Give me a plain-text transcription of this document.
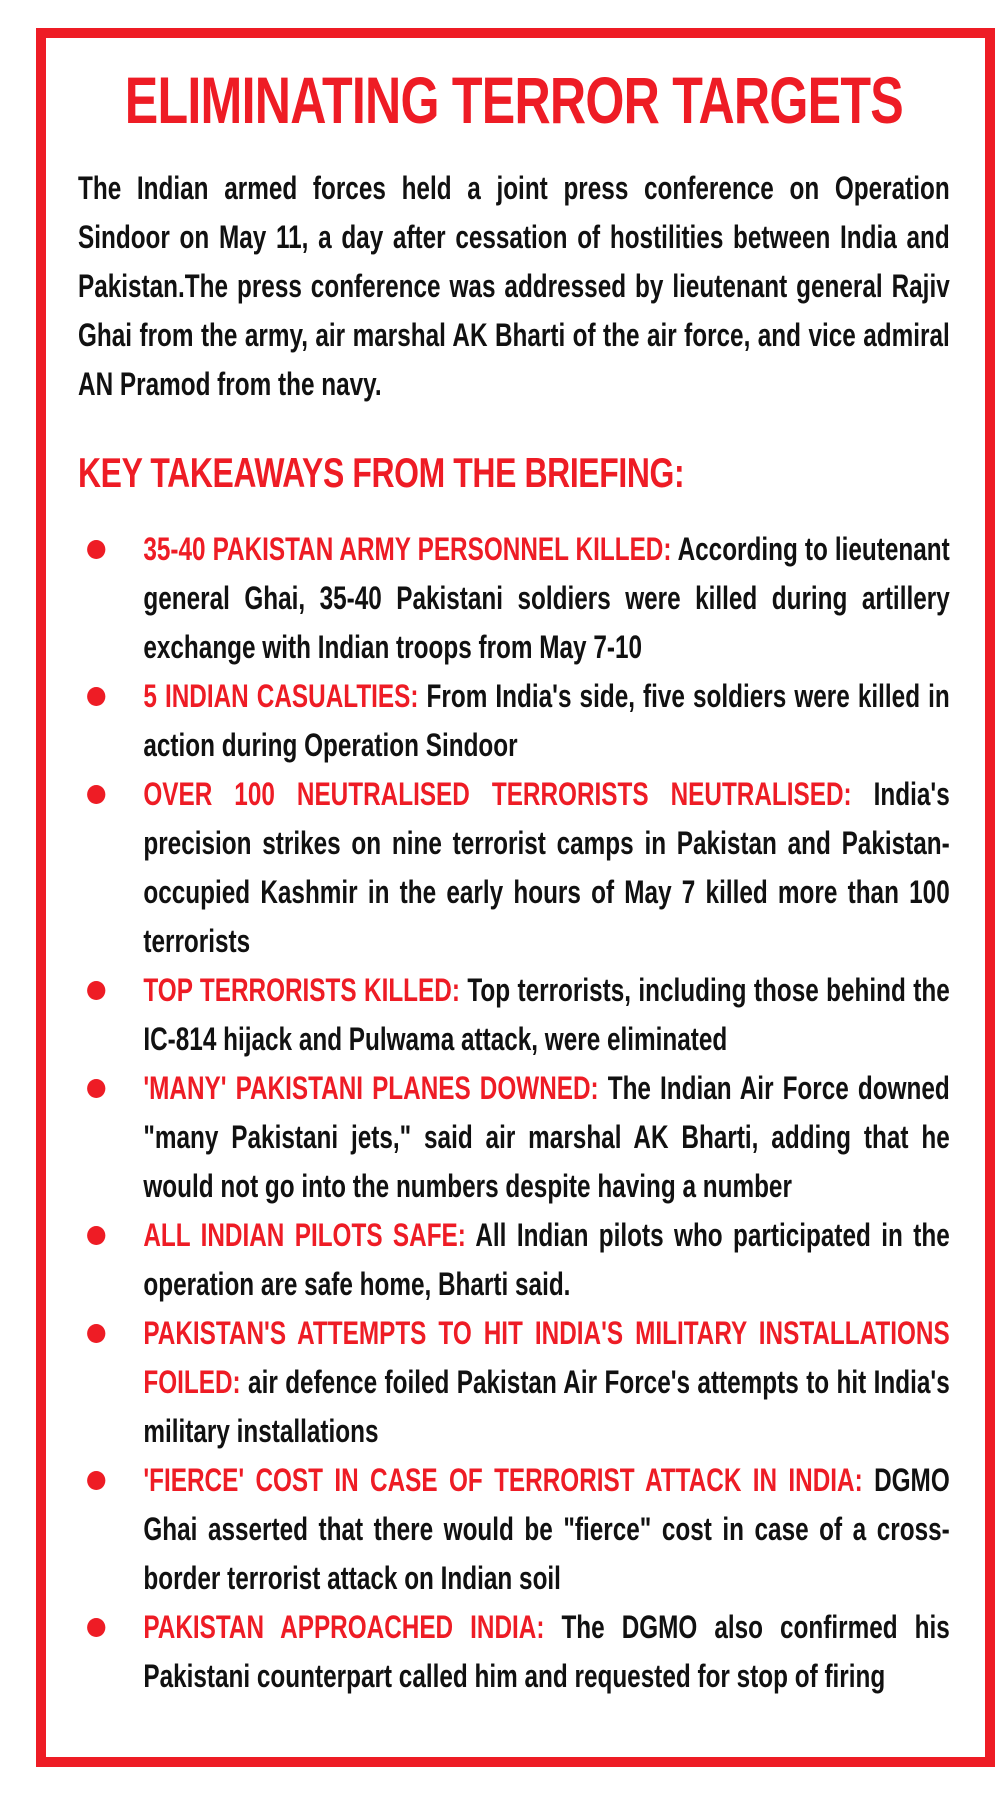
ELIMINATING TERROR TARGETS

The Indian armed forces held a joint press conference on Operation Sindoor on May 11, a day after cessation of hostilities between India and Pakistan.The press conference was addressed by lieutenant general Rajiv Ghai from the army, air marshal AK Bharti of the air force, and vice admiral AN Pramod from the navy.

KEY TAKEAWAYS FROM THE BRIEFING:
35-40 PAKISTAN ARMY PERSONNEL KILLED: According to lieutenant general Ghai, 35-40 Pakistani soldiers were killed during artillery exchange with Indian troops from May 7-10
5 INDIAN CASUALTIES: From India's side, five soldiers were killed in action during Operation Sindoor
OVER 100 NEUTRALISED TERRORISTS NEUTRALISED: India's precision strikes on nine terrorist camps in Pakistan and Pakistan-occupied Kashmir in the early hours of May 7 killed more than 100 terrorists
TOP TERRORISTS KILLED: Top terrorists, including those behind the IC-814 hijack and Pulwama attack, were eliminated
'MANY' PAKISTANI PLANES DOWNED: The Indian Air Force downed "many Pakistani jets," said air marshal AK Bharti, adding that he would not go into the numbers despite having a number
ALL INDIAN PILOTS SAFE: All Indian pilots who participated in the operation are safe home, Bharti said.
PAKISTAN'S ATTEMPTS TO HIT INDIA'S MILITARY INSTALLATIONS FOILED: air defence foiled Pakistan Air Force's attempts to hit India's military installations
'FIERCE' COST IN CASE OF TERRORIST ATTACK IN INDIA: DGMO Ghai asserted that there would be "fierce" cost in case of a cross-border terrorist attack on Indian soil
PAKISTAN APPROACHED INDIA: The DGMO also confirmed his Pakistani counterpart called him and requested for stop of firing
